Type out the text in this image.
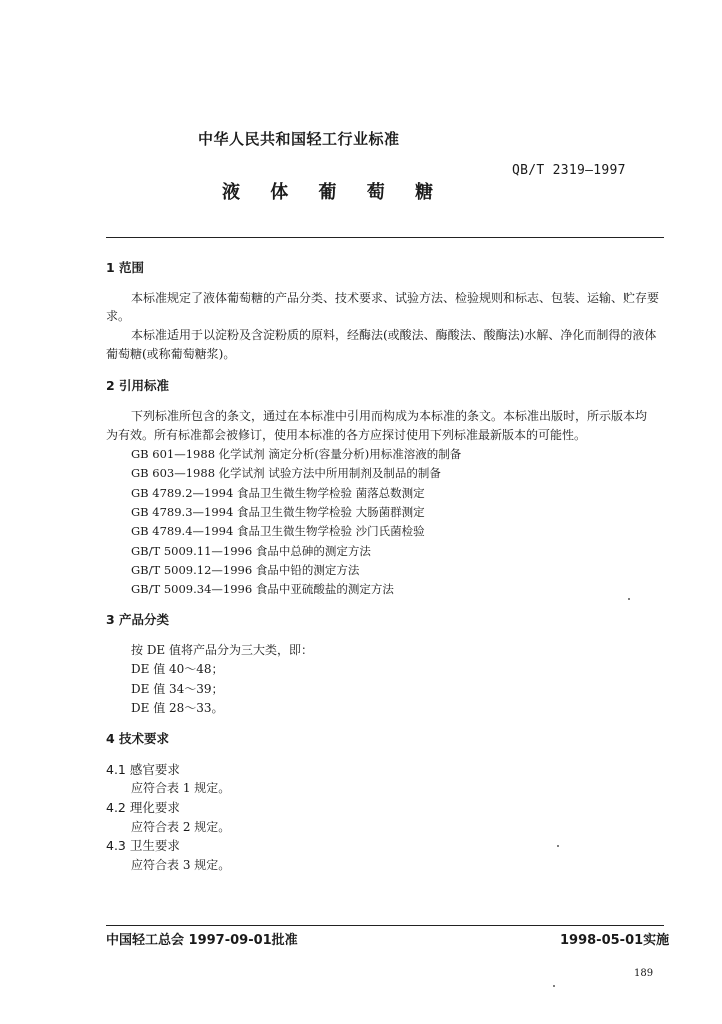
中华人民共和国轻工行业标准
QB/T 2319—1997
液 体 葡 萄 糖
1 范围
本标准规定了液体葡萄糖的产品分类、技术要求、试验方法、检验规则和标志、包装、运输、贮存要
求。
本标准适用于以淀粉及含淀粉质的原料，经酶法(或酸法、酶酸法、酸酶法)水解、净化而制得的液体
葡萄糖(或称葡萄糖浆)。
2 引用标准
下列标准所包含的条文，通过在本标准中引用而构成为本标准的条文。本标准出版时，所示版本均
为有效。所有标准都会被修订，使用本标准的各方应探讨使用下列标准最新版本的可能性。
GB 601—1988 化学试剂 滴定分析(容量分析)用标准溶液的制备
GB 603—1988 化学试剂 试验方法中所用制剂及制品的制备
GB 4789.2—1994 食品卫生微生物学检验 菌落总数测定
GB 4789.3—1994 食品卫生微生物学检验 大肠菌群测定
GB 4789.4—1994 食品卫生微生物学检验 沙门氏菌检验
GB/T 5009.11—1996 食品中总砷的测定方法
GB/T 5009.12—1996 食品中铅的测定方法
GB/T 5009.34—1996 食品中亚硫酸盐的测定方法
3 产品分类
按 DE 值将产品分为三大类，即：
DE 值 40～48；
DE 值 34～39；
DE 值 28～33。
4 技术要求
4.1 感官要求
应符合表 1 规定。
4.2 理化要求
应符合表 2 规定。
4.3 卫生要求
应符合表 3 规定。
中国轻工总会 1997-09-01批准	1998-05-01实施
189
